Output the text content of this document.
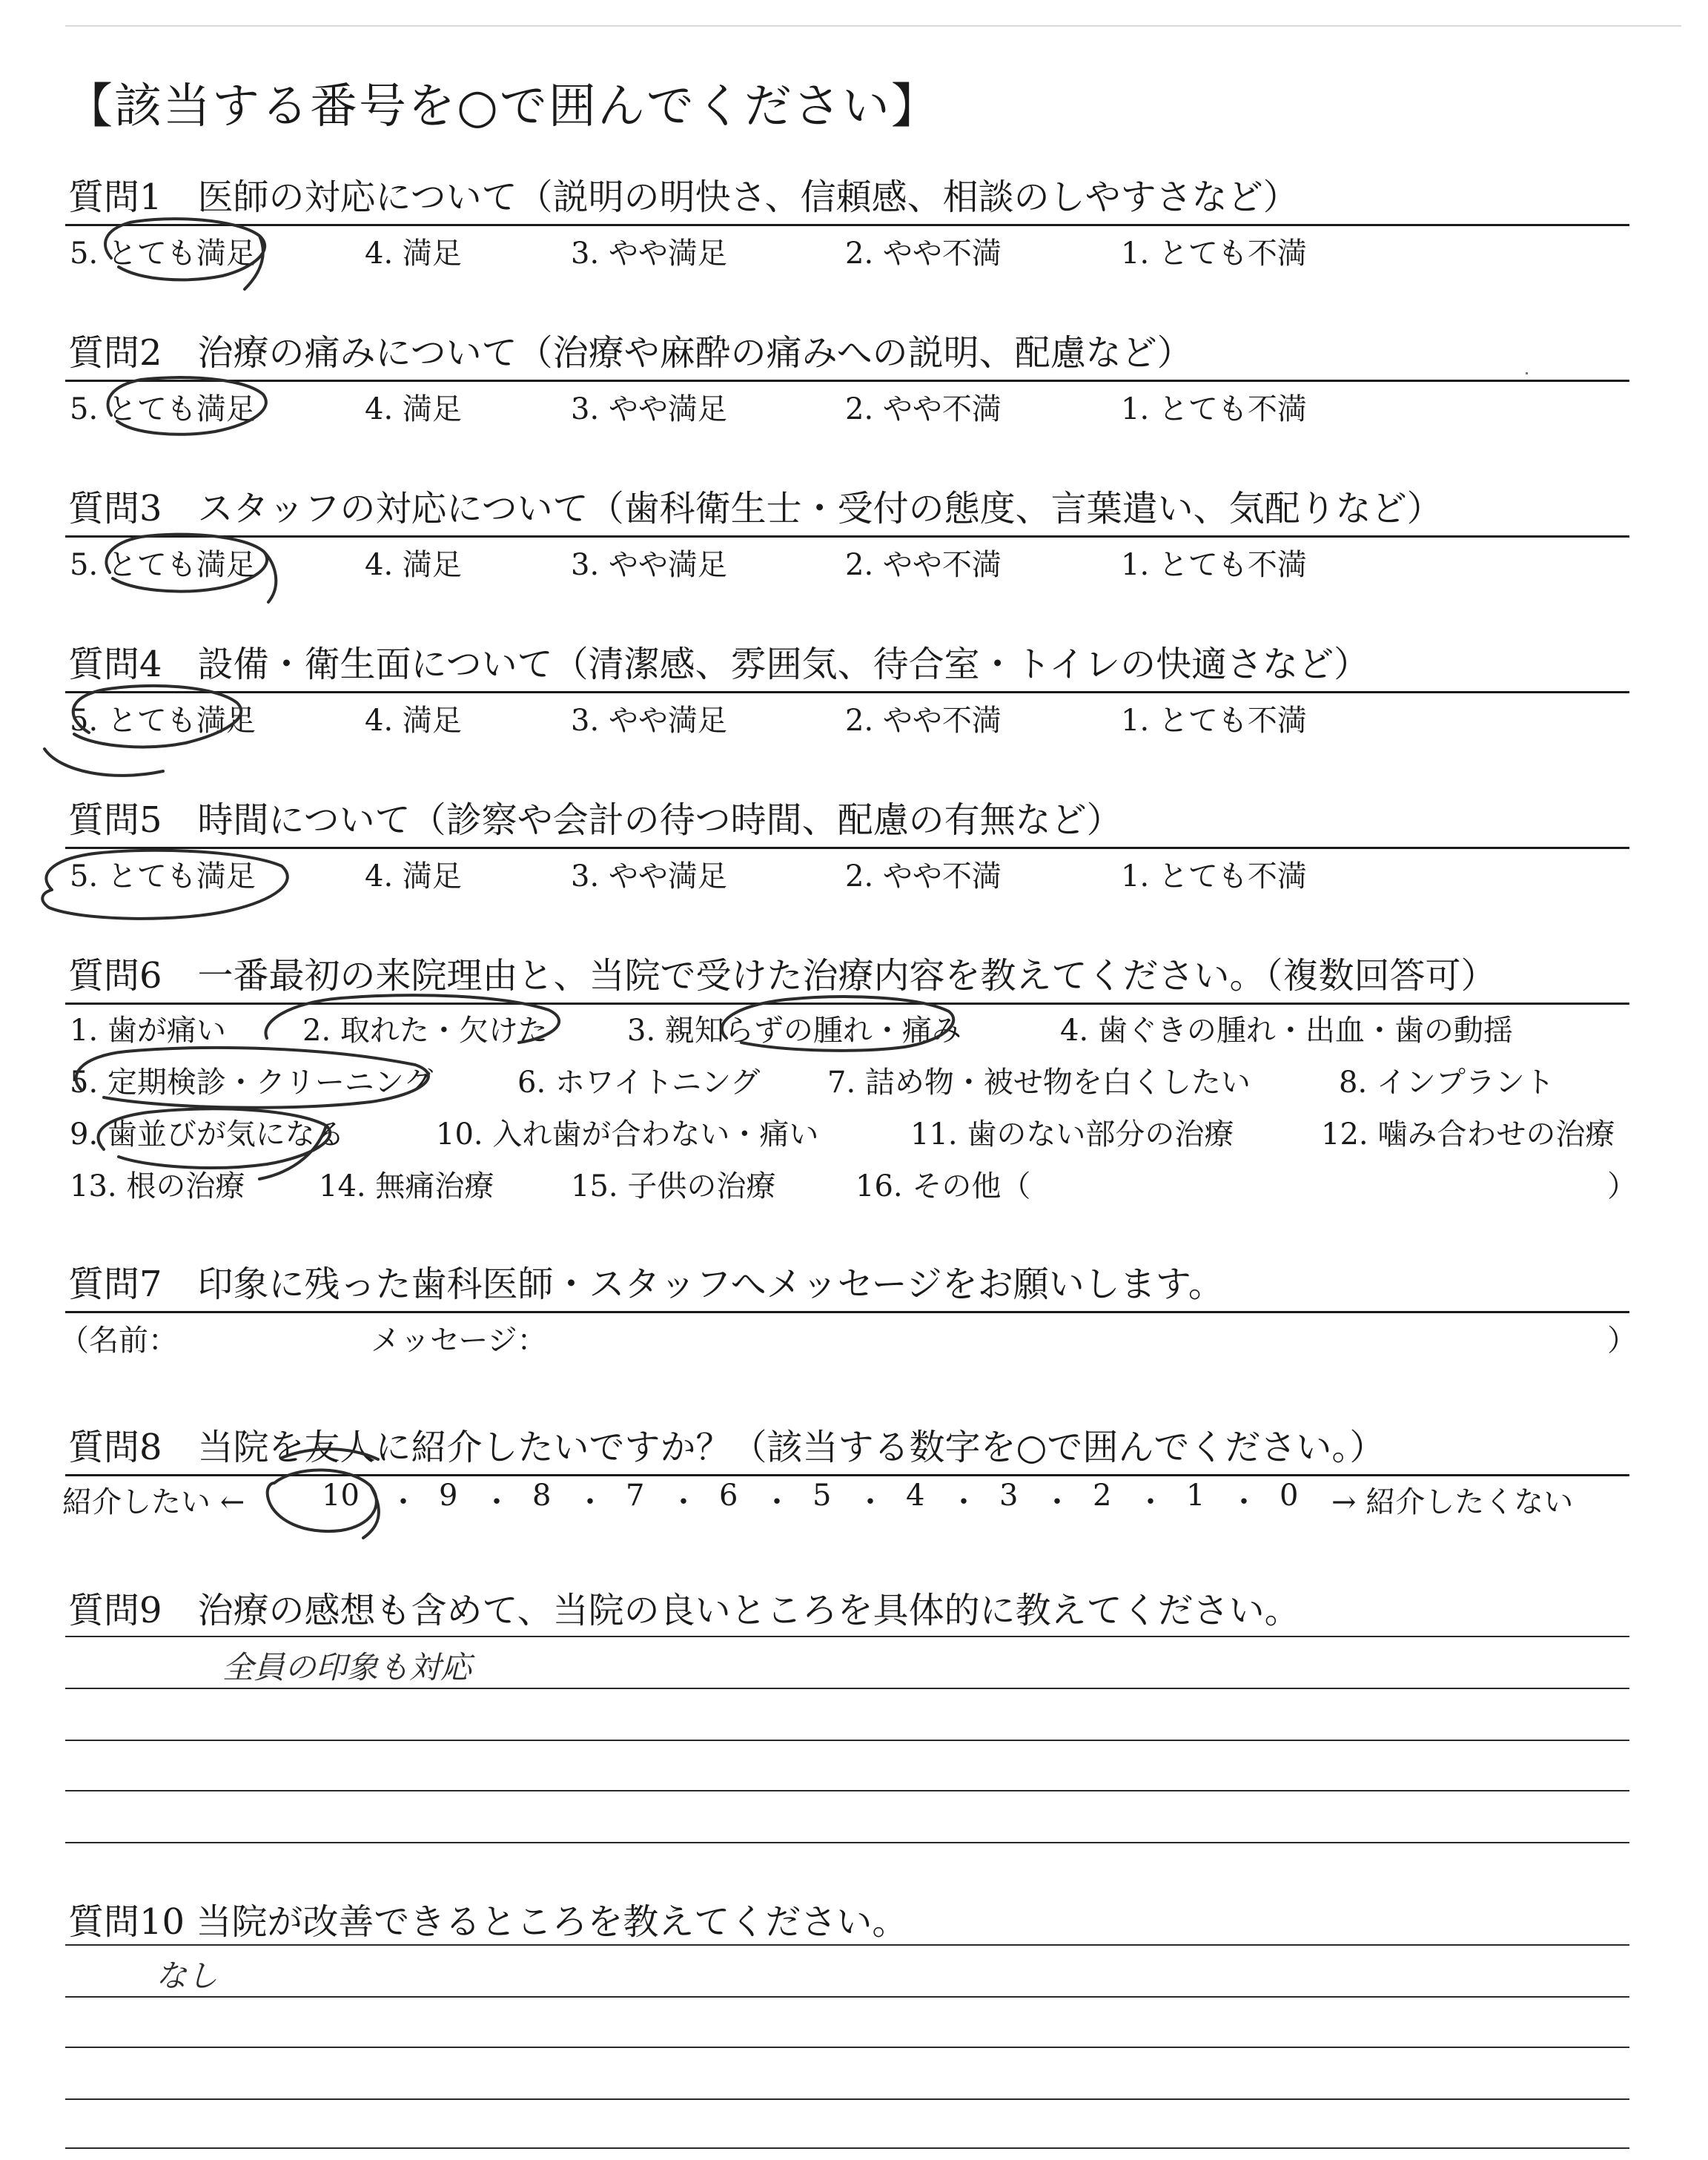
【該当する番号を○で囲んでください】
質問1　医師の対応について（説明の明快さ、信頼感、相談のしやすさなど）
5. とても満足	4. 満足	3. やや満足	2. やや不満	1. とても不満
質問2　治療の痛みについて（治療や麻酔の痛みへの説明、配慮など）
5. とても満足	4. 満足	3. やや満足	2. やや不満	1. とても不満
質問3　スタッフの対応について（歯科衛生士・受付の態度、言葉遣い、気配りなど）
5. とても満足	4. 満足	3. やや満足	2. やや不満	1. とても不満
質問4　設備・衛生面について（清潔感、雰囲気、待合室・トイレの快適さなど）
5. とても満足	4. 満足	3. やや満足	2. やや不満	1. とても不満
質問5　時間について（診察や会計の待つ時間、配慮の有無など）
5. とても満足	4. 満足	3. やや満足	2. やや不満	1. とても不満
質問6　一番最初の来院理由と、当院で受けた治療内容を教えてください。（複数回答可）
1. 歯が痛い	2. 取れた・欠けた	3. 親知らずの腫れ・痛み	4. 歯ぐきの腫れ・出血・歯の動揺
5. 定期検診・クリーニング	6. ホワイトニング 7. 詰め物・被せ物を白くしたい	8. インプラント
9. 歯並びが気になる	10. 入れ歯が合わない・痛い	11. 歯のない部分の治療	12. 噛み合わせの治療
13. 根の治療 14. 無痛治療	15. 子供の治療	16. その他（	）
質問7　印象に残った歯科医師・スタッフへメッセージをお願いします。
（名前：	メッセージ：	）
質問8　当院を友人に紹介したいですか？（該当する数字を○で囲んでください。）
紹介したい ←	10 ・ 9 ・ 8 ・ 7 ・ 6 ・ 5 ・ 4 ・ 3 ・ 2 ・ 1 ・ 0 → 紹介したくない
質問9　治療の感想も含めて、当院の良いところを具体的に教えてください。
全員の印象も対応
質問10 当院が改善できるところを教えてください。
なし
